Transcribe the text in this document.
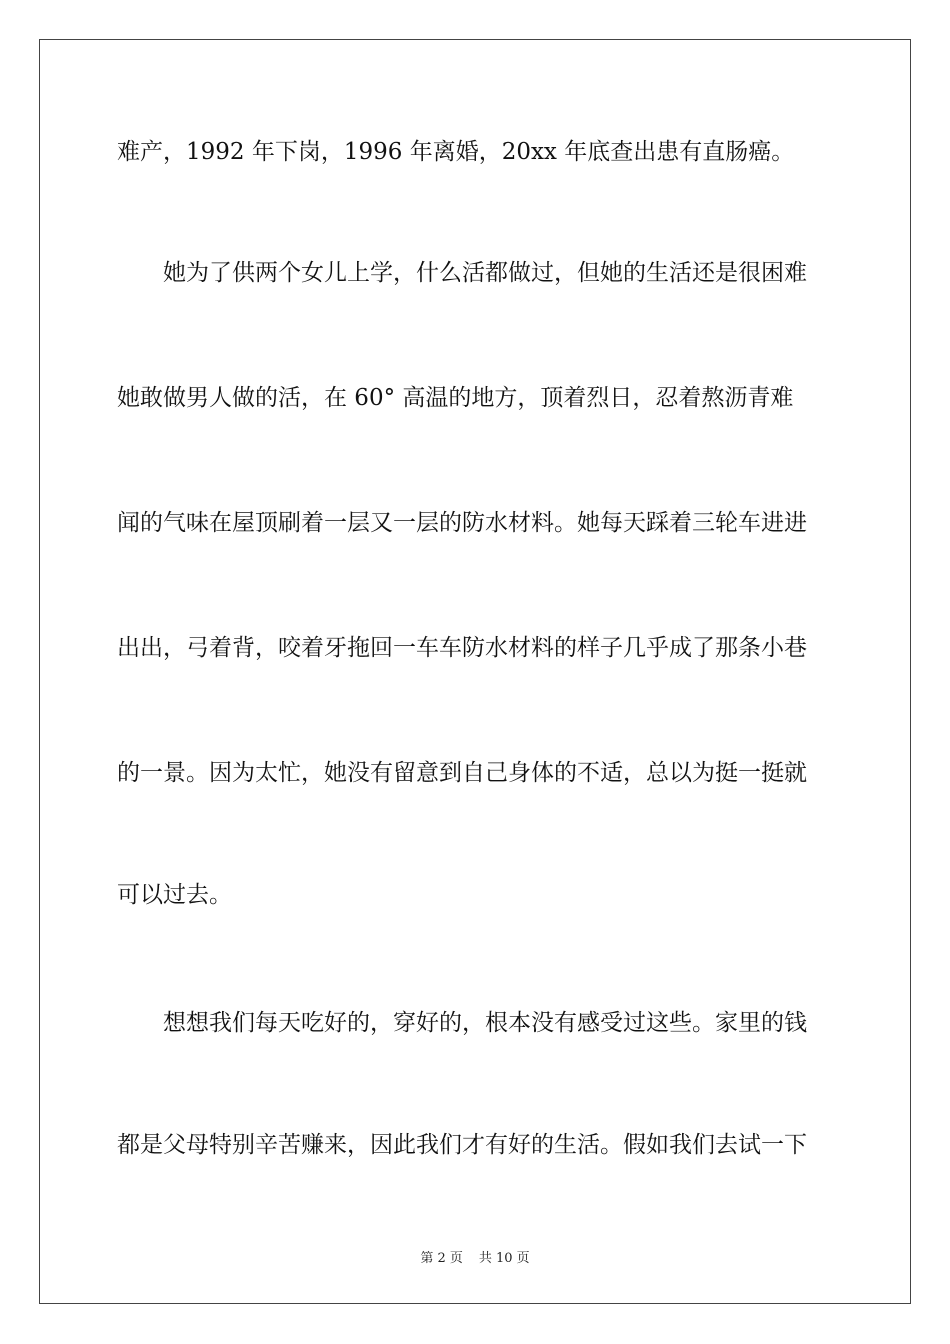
难产，1992 年下岗，1996 年离婚，20xx 年底查出患有直肠癌。
她为了供两个女儿上学，什么活都做过，但她的生活还是很困难
她敢做男人做的活，在 60° 高温的地方，顶着烈日，忍着熬沥青难
闻的气味在屋顶刷着一层又一层的防水材料。她每天踩着三轮车进进
出出，弓着背，咬着牙拖回一车车防水材料的样子几乎成了那条小巷
的一景。因为太忙，她没有留意到自己身体的不适，总以为挺一挺就
可以过去。
想想我们每天吃好的，穿好的，根本没有感受过这些。家里的钱
都是父母特别辛苦赚来，因此我们才有好的生活。假如我们去试一下
第 2 页 共 10 页
